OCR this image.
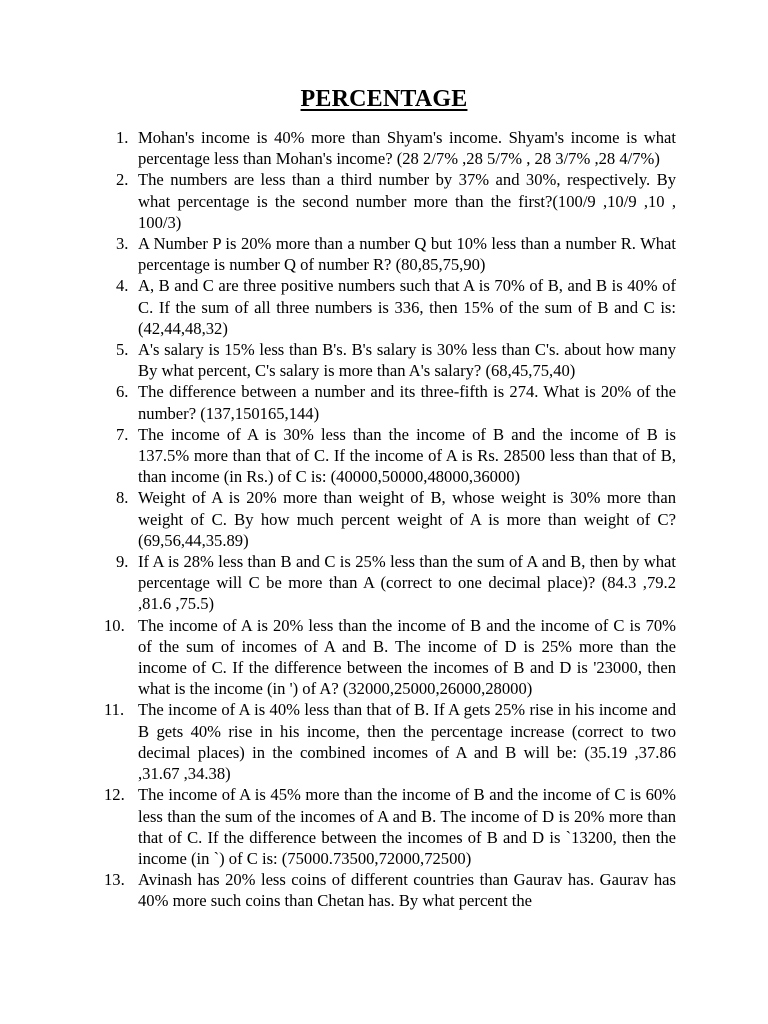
PERCENTAGE
1. Mohan's income is 40% more than Shyam's income. Shyam's income is what percentage less than Mohan's income? (28 2/7% ,28 5/7% , 28 3/7% ,28 4/7%)
2. The numbers are less than a third number by 37% and 30%, respectively. By what percentage is the second number more than the first?(100/9 ,10/9 ,10 , 100/3)
3. A Number P is 20% more than a number Q but 10% less than a number R. What percentage is number Q of number R? (80,85,75,90)
4. A, B and C are three positive numbers such that A is 70% of B, and B is 40% of C. If the sum of all three numbers is 336, then 15% of the sum of B and C is: (42,44,48,32)
5. A's salary is 15% less than B's. B's salary is 30% less than C's. about how many By what percent, C's salary is more than A's salary? (68,45,75,40)
6. The difference between a number and its three-fifth is 274. What is 20% of the number? (137,150165,144)
7. The income of A is 30% less than the income of B and the income of B is 137.5% more than that of C. If the income of A is Rs. 28500 less than that of B, than income (in Rs.) of C is: (40000,50000,48000,36000)
8. Weight of A is 20% more than weight of B, whose weight is 30% more than weight of C. By how much percent weight of A is more than weight of C? (69,56,44,35.89)
9. If A is 28% less than B and C is 25% less than the sum of A and B, then by what percentage will C be more than A (correct to one decimal place)? (84.3 ,79.2 ,81.6 ,75.5)
10. The income of A is 20% less than the income of B and the income of C is 70% of the sum of incomes of A and B. The income of D is 25% more than the income of C. If the difference between the incomes of B and D is '23000, then what is the income (in ') of A? (32000,25000,26000,28000)
11. The income of A is 40% less than that of B. If A gets 25% rise in his income and B gets 40% rise in his income, then the percentage increase (correct to two decimal places) in the combined incomes of A and B will be: (35.19 ,37.86 ,31.67 ,34.38)
12. The income of A is 45% more than the income of B and the income of C is 60% less than the sum of the incomes of A and B. The income of D is 20% more than that of C. If the difference between the incomes of B and D is `13200, then the income (in `) of C is: (75000.73500,72000,72500)
13. Avinash has 20% less coins of different countries than Gaurav has. Gaurav has 40% more such coins than Chetan has. By what percent the
